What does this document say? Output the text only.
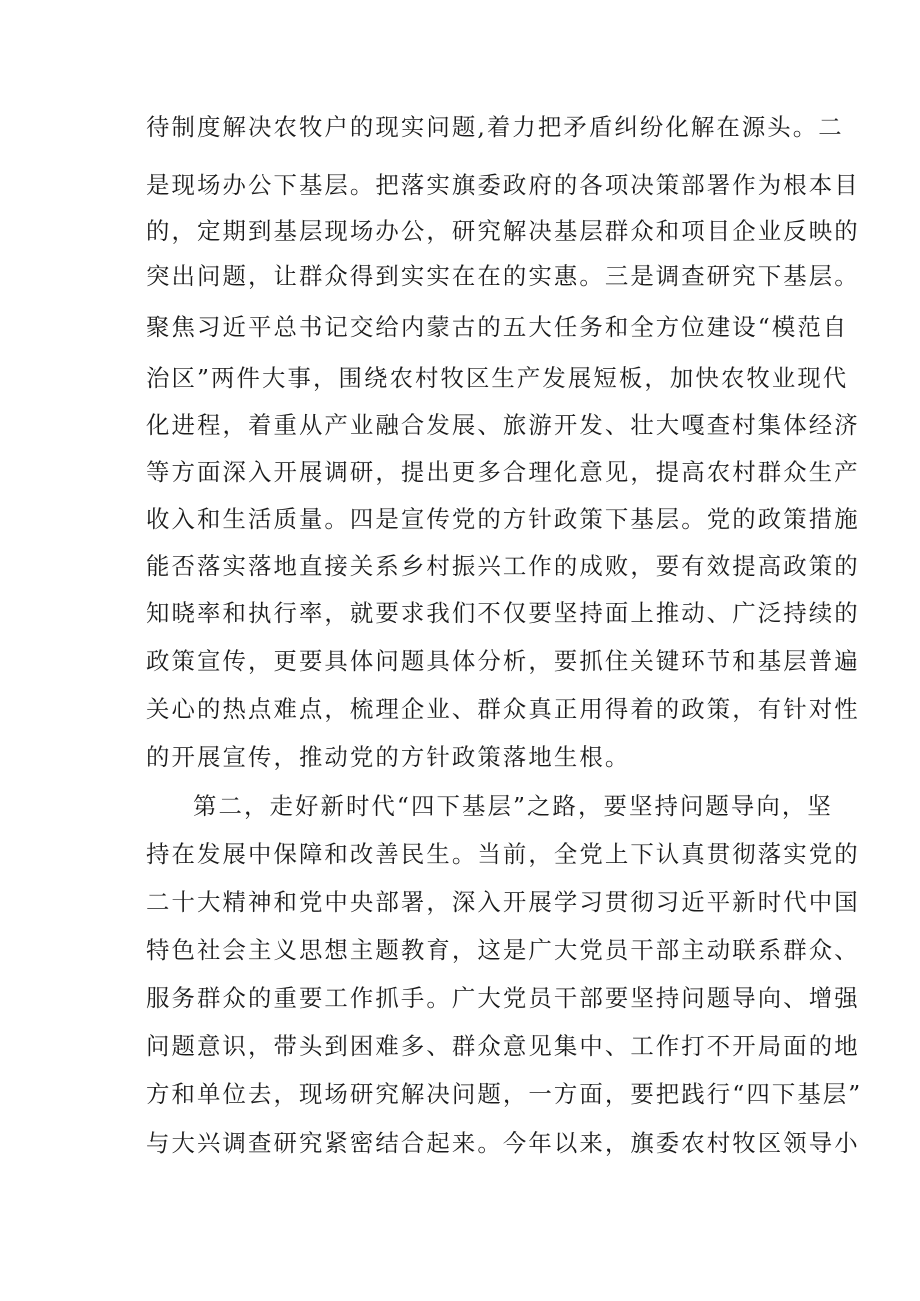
待制度解决农牧户的现实问题,着力把矛盾纠纷化解在源头。二
是现场办公下基层。把落实旗委政府的各项决策部署作为根本目
的，定期到基层现场办公，研究解决基层群众和项目企业反映的
突出问题，让群众得到实实在在的实惠。三是调查研究下基层。
聚焦习近平总书记交给内蒙古的五大任务和全方位建设“模范自
治区”两件大事，围绕农村牧区生产发展短板，加快农牧业现代
化进程，着重从产业融合发展、旅游开发、壮大嘎查村集体经济
等方面深入开展调研，提出更多合理化意见，提高农村群众生产
收入和生活质量。四是宣传党的方针政策下基层。党的政策措施
能否落实落地直接关系乡村振兴工作的成败，要有效提高政策的
知晓率和执行率，就要求我们不仅要坚持面上推动、广泛持续的
政策宣传，更要具体问题具体分析，要抓住关键环节和基层普遍
关心的热点难点，梳理企业、群众真正用得着的政策，有针对性
的开展宣传，推动党的方针政策落地生根。
第二，走好新时代“四下基层”之路，要坚持问题导向，坚
持在发展中保障和改善民生。当前，全党上下认真贯彻落实党的
二十大精神和党中央部署，深入开展学习贯彻习近平新时代中国
特色社会主义思想主题教育，这是广大党员干部主动联系群众、
服务群众的重要工作抓手。广大党员干部要坚持问题导向、增强
问题意识，带头到困难多、群众意见集中、工作打不开局面的地
方和单位去，现场研究解决问题，一方面，要把践行“四下基层”
与大兴调查研究紧密结合起来。今年以来，旗委农村牧区领导小
